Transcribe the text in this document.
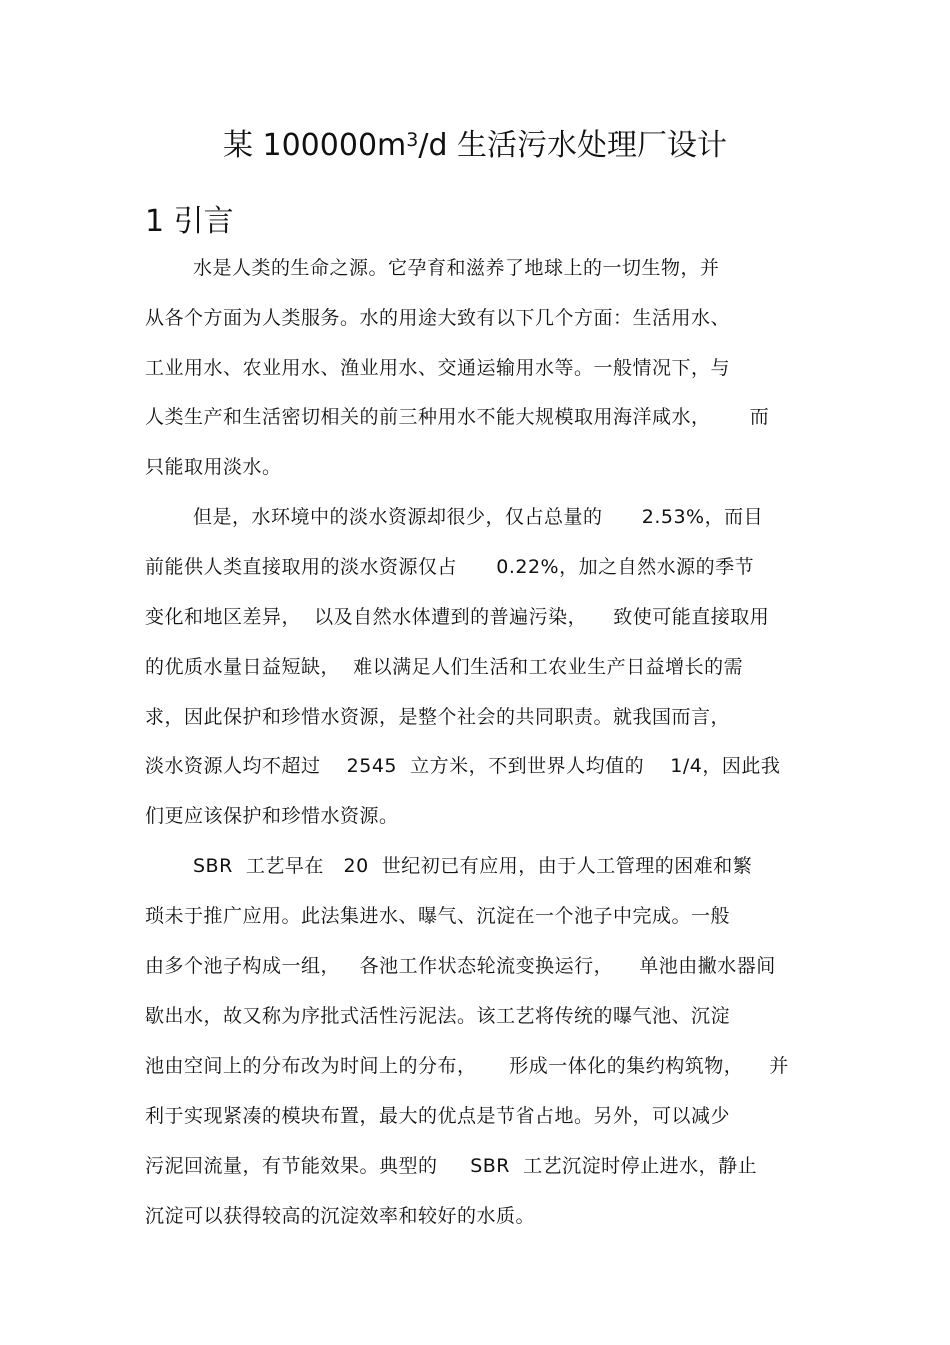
某 $100000m^3/d$ 生活污水处理厂设计
1 引言
水是人类的生命之源。它孕育和滋养了地球上的一切生物，并
从各个方面为人类服务。水的用途大致有以下几个方面：生活用水、
工业用水、农业用水、渔业用水、交通运输用水等。一般情况下，与
人类生产和生活密切相关的前三种用水不能大规模取用海洋咸水，      而
只能取用淡水。
但是，水环境中的淡水资源却很少，仅占总量的      2.53%，而目
前能供人类直接取用的淡水资源仅占      0.22%，加之自然水源的季节
变化和地区差异，  以及自然水体遭到的普遍污染，    致使可能直接取用
的优质水量日益短缺，  难以满足人们生活和工农业生产日益增长的需
求，因此保护和珍惜水资源，是整个社会的共同职责。就我国而言，
淡水资源人均不超过    2545  立方米，不到世界人均值的    1/4，因此我
们更应该保护和珍惜水资源。
SBR  工艺早在   20  世纪初已有应用，由于人工管理的困难和繁
琐未于推广应用。此法集进水、曝气、沉淀在一个池子中完成。一般
由多个池子构成一组，   各池工作状态轮流变换运行，    单池由撇水器间
歇出水，故又称为序批式活性污泥法。该工艺将传统的曝气池、沉淀
池由空间上的分布改为时间上的分布，     形成一体化的集约构筑物，    并
利于实现紧凑的模块布置，最大的优点是节省占地。另外，可以减少
污泥回流量，有节能效果。典型的     SBR  工艺沉淀时停止进水，静止
沉淀可以获得较高的沉淀效率和较好的水质。
